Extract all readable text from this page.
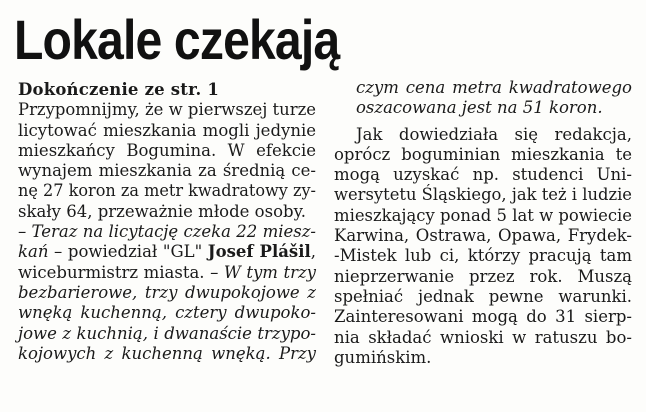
Lokale czekają
Dokończenie ze str. 1
Przypomnijmy, że w pierwszej turze
licytować mieszkania mogli jedynie
mieszkańcy Bogumina. W efekcie
wynajem mieszkania za średnią ce-
nę 27 koron za metr kwadratowy zy-
skały 64, przeważnie młode osoby.
– Teraz na licytację czeka 22 miesz-
kań – powiedział "GL" Josef Plášil,
wiceburmistrz miasta. – W tym trzy
bezbarierowe, trzy dwupokojowe z
wnęką kuchenną, cztery dwupoko-
jowe z kuchnią, i dwanaście trzypo-
kojowych z kuchenną wnęką. Przy
czym cena metra kwadratowego
oszacowana jest na 51 koron.
Jak dowiedziała się redakcja,
oprócz boguminian mieszkania te
mogą uzyskać np. studenci Uni-
wersytetu Śląskiego, jak też i ludzie
mieszkający ponad 5 lat w powiecie
Karwina, Ostrawa, Opawa, Frydek-
-Mistek lub ci, którzy pracują tam
nieprzerwanie przez rok. Muszą
spełniać jednak pewne warunki.
Zainteresowani mogą do 31 sierp-
nia składać wnioski w ratuszu bo-
gumińskim.
